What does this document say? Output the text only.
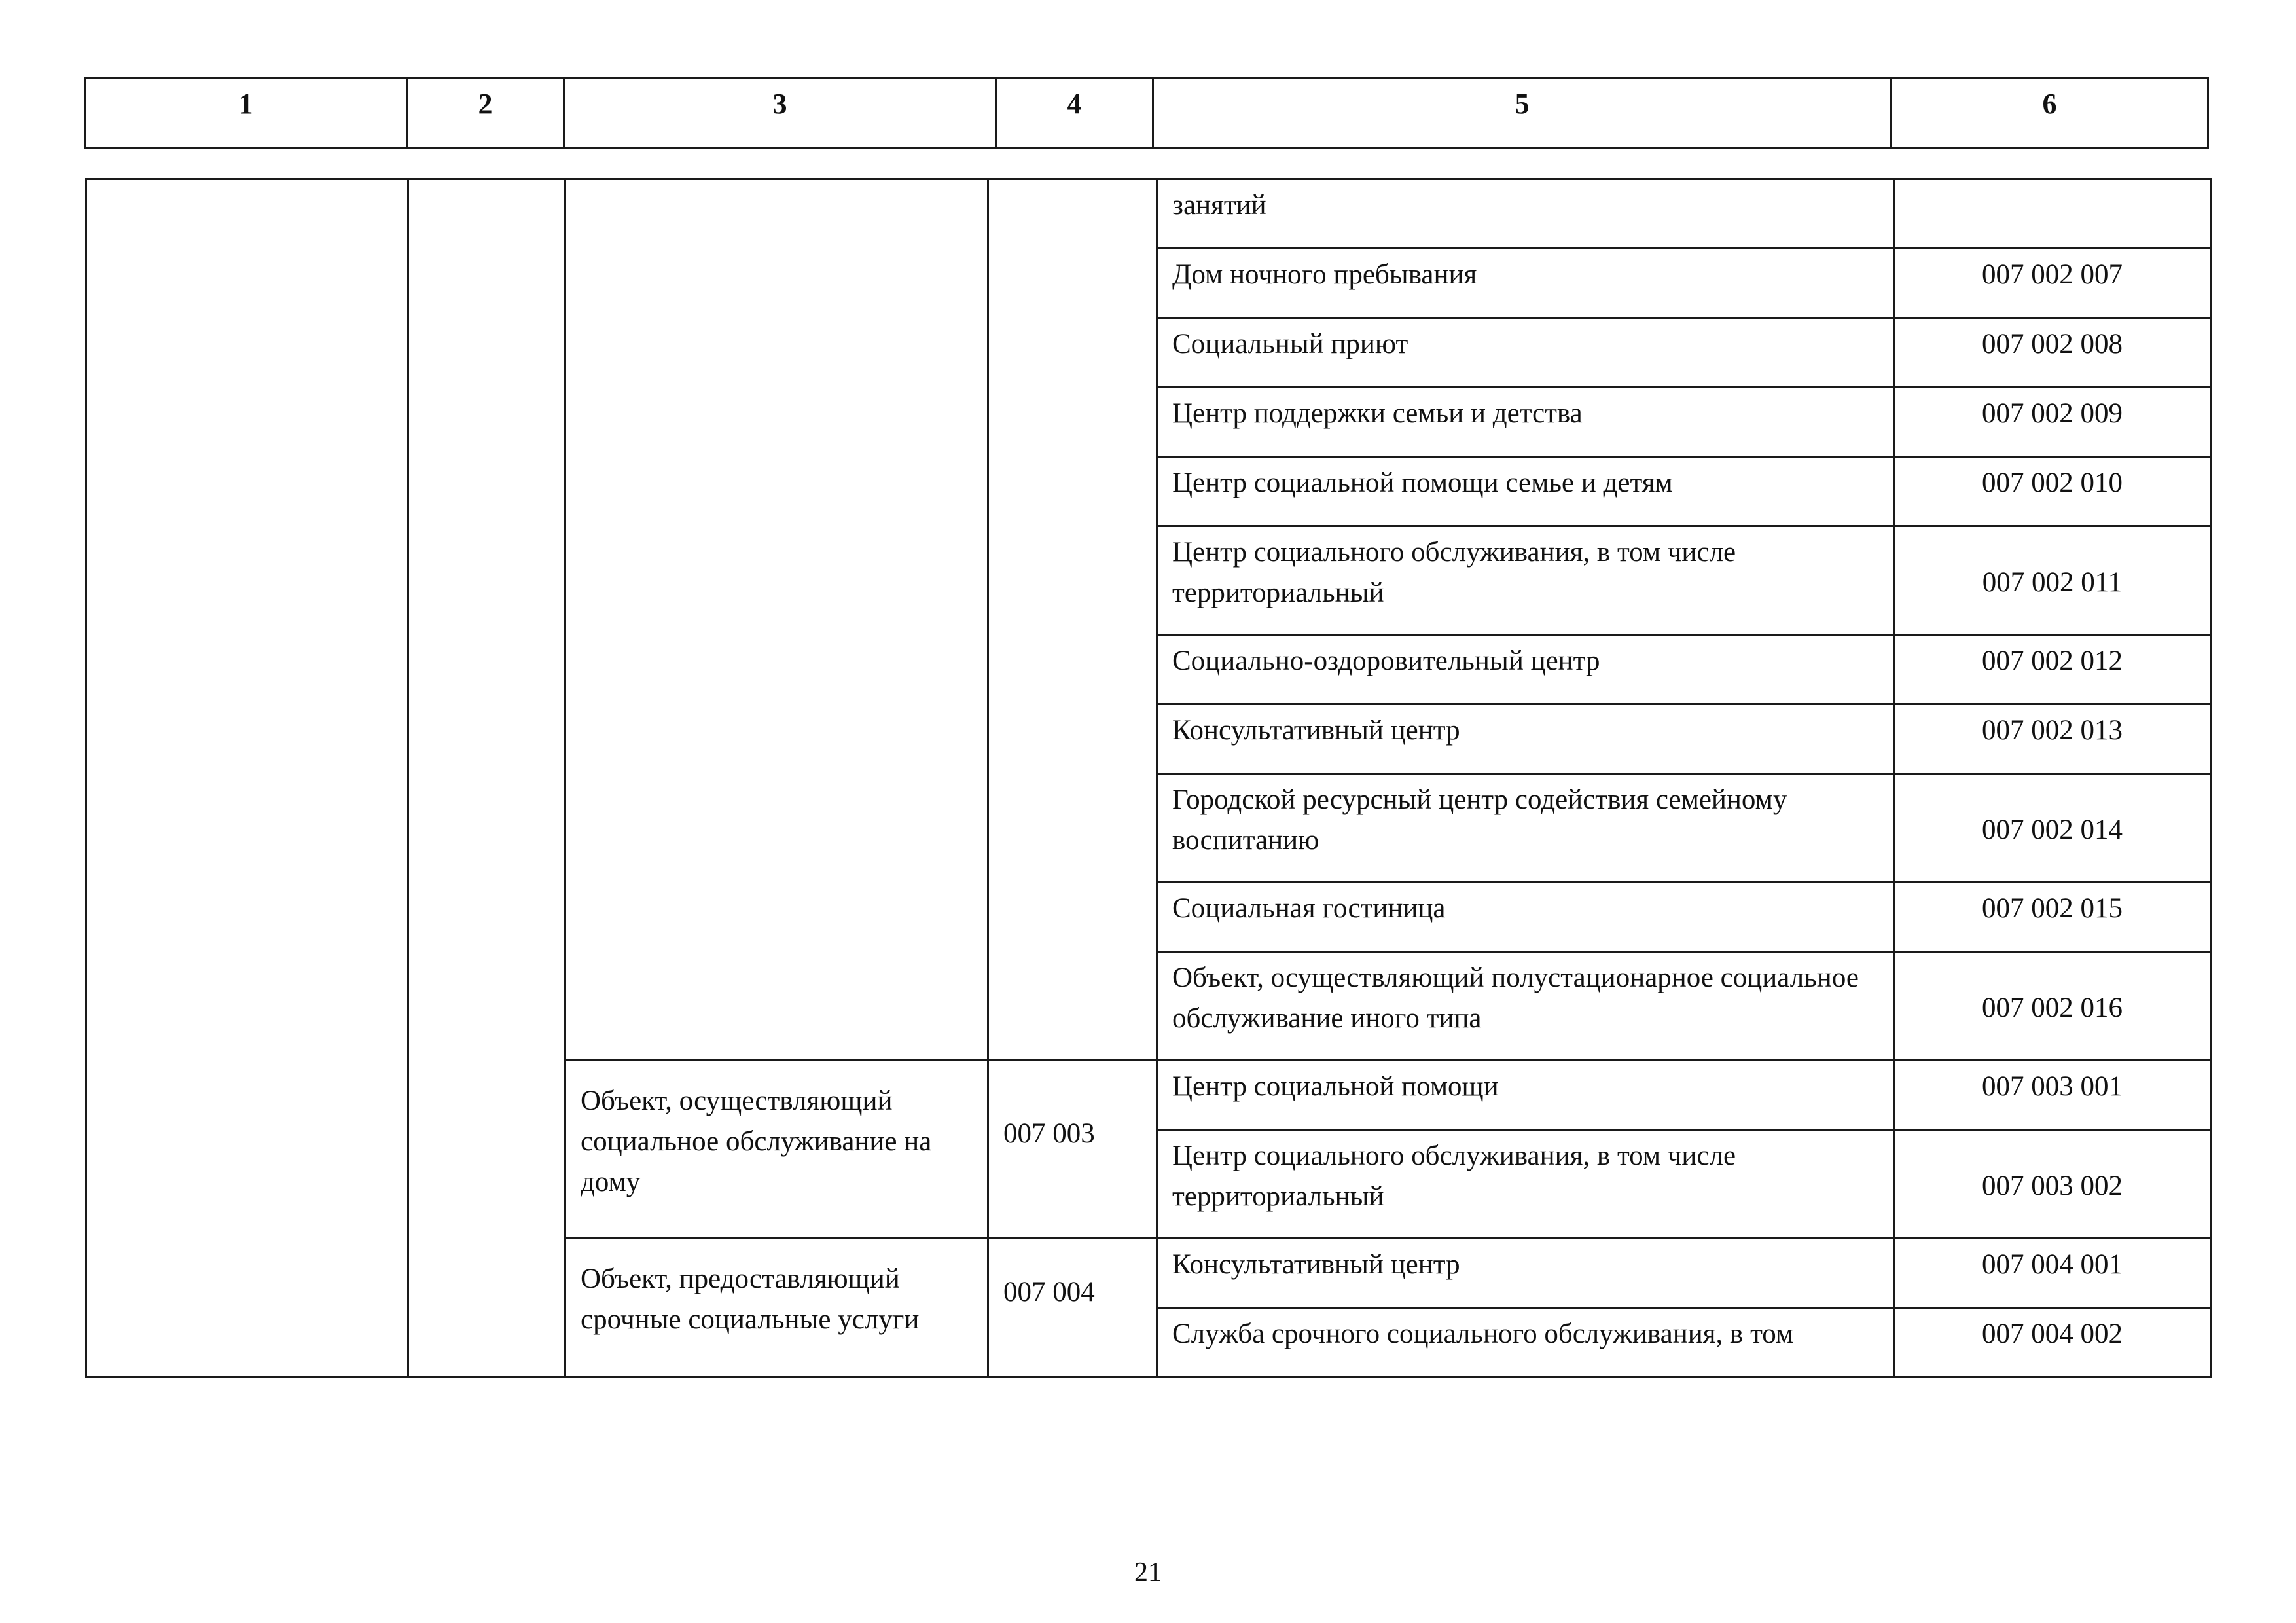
1	2	3	4	5	6
				занятий	
				Дом ночного пребывания	007 002 007
				Социальный приют	007 002 008
				Центр поддержки семьи и детства	007 002 009
				Центр социальной помощи семье и детям	007 002 010
				Центр социального обслуживания, в том числе территориальный	007 002 011
				Социально-оздоровительный центр	007 002 012
				Консультативный центр	007 002 013
				Городской ресурсный центр содействия семейному воспитанию	007 002 014
				Социальная гостиница	007 002 015
				Объект, осуществляющий полустационарное социальное обслуживание иного типа	007 002 016
		Объект, осуществляющий социальное обслуживание на дому	007 003	Центр социальной помощи	007 003 001
				Центр социального обслуживания, в том числе территориальный	007 003 002
		Объект, предоставляющий срочные социальные услуги	007 004	Консультативный центр	007 004 001
				Служба срочного социального обслуживания, в том	007 004 002
21
